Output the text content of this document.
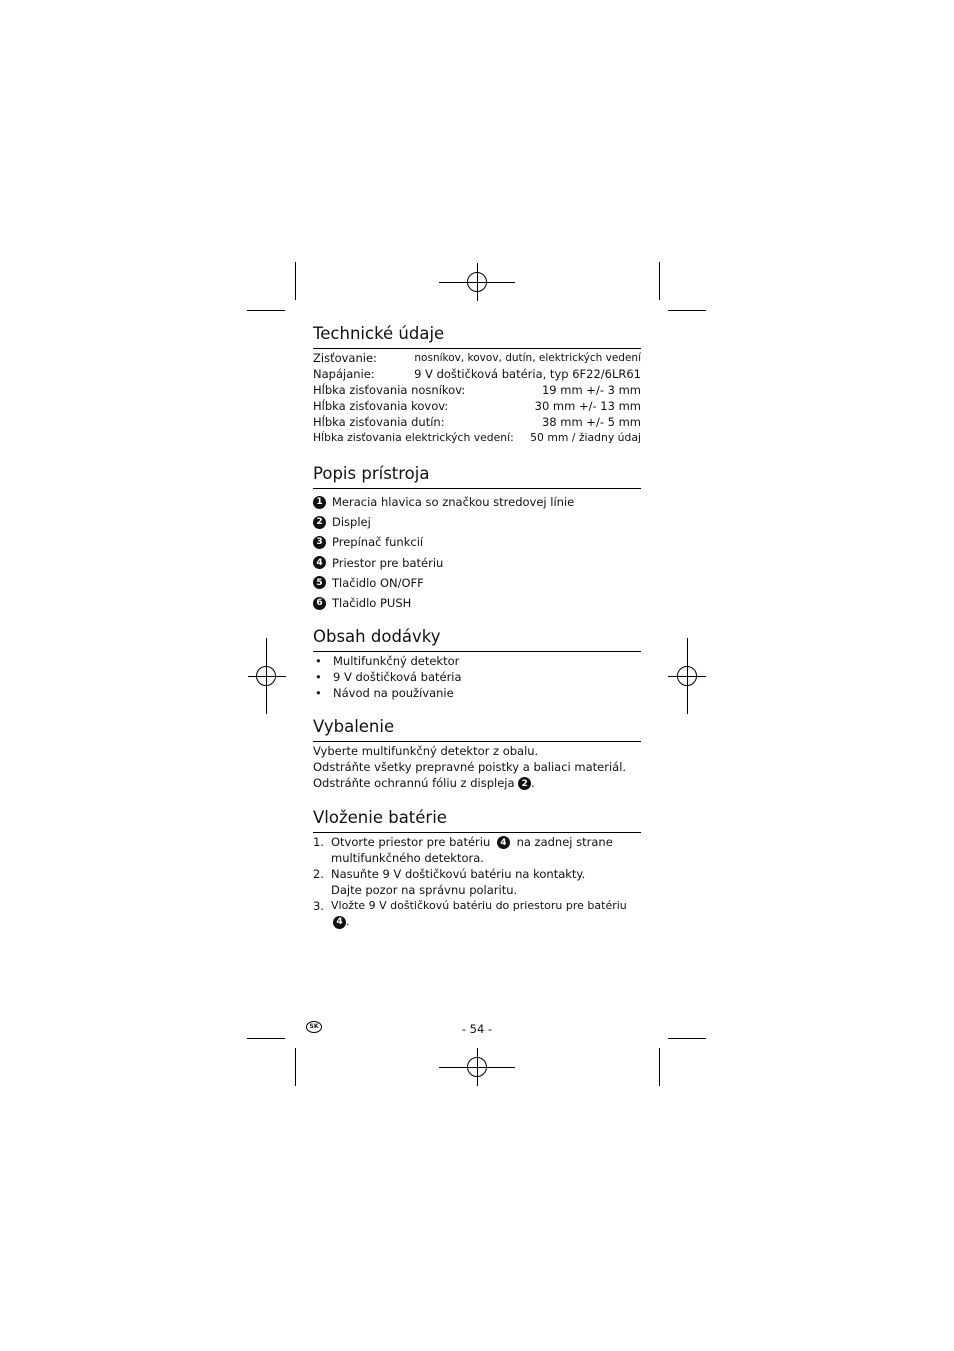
Technické údaje
Zisťovanie:	nosníkov, kovov, dutín, elektrických vedení
Napájanie:	9 V doštičková batéria, typ 6F22/6LR61
Hĺbka zisťovania nosníkov:	19 mm +/- 3 mm
Hĺbka zisťovania kovov:	30 mm +/- 13 mm
Hĺbka zisťovania dutín:	38 mm +/- 5 mm
Hĺbka zisťovania elektrických vedení: 50 mm / žiadny údaj
Popis prístroja
1 Meracia hlavica so značkou stredovej línie
2 Displej
3 Prepínač funkcií
4 Priestor pre batériu
5 Tlačidlo ON/OFF
6 Tlačidlo PUSH
Obsah dodávky
• Multifunkčný detektor
• 9 V doštičková batéria
• Návod na používanie
Vybalenie
Vyberte multifunkčný detektor z obalu.
Odstráňte všetky prepravné poistky a baliaci materiál.
Odstráňte ochrannú fóliu z displeja 2 .
Vloženie batérie
1. Otvorte priestor pre batériu 4 na zadnej strane
multifunkčného detektora.
2. Nasuňte 9 V doštičkovú batériu na kontakty.
Dajte pozor na správnu polaritu.
3. Vložte 9 V doštičkovú batériu do priestoru pre batériu 4 .
SK	- 54 -
